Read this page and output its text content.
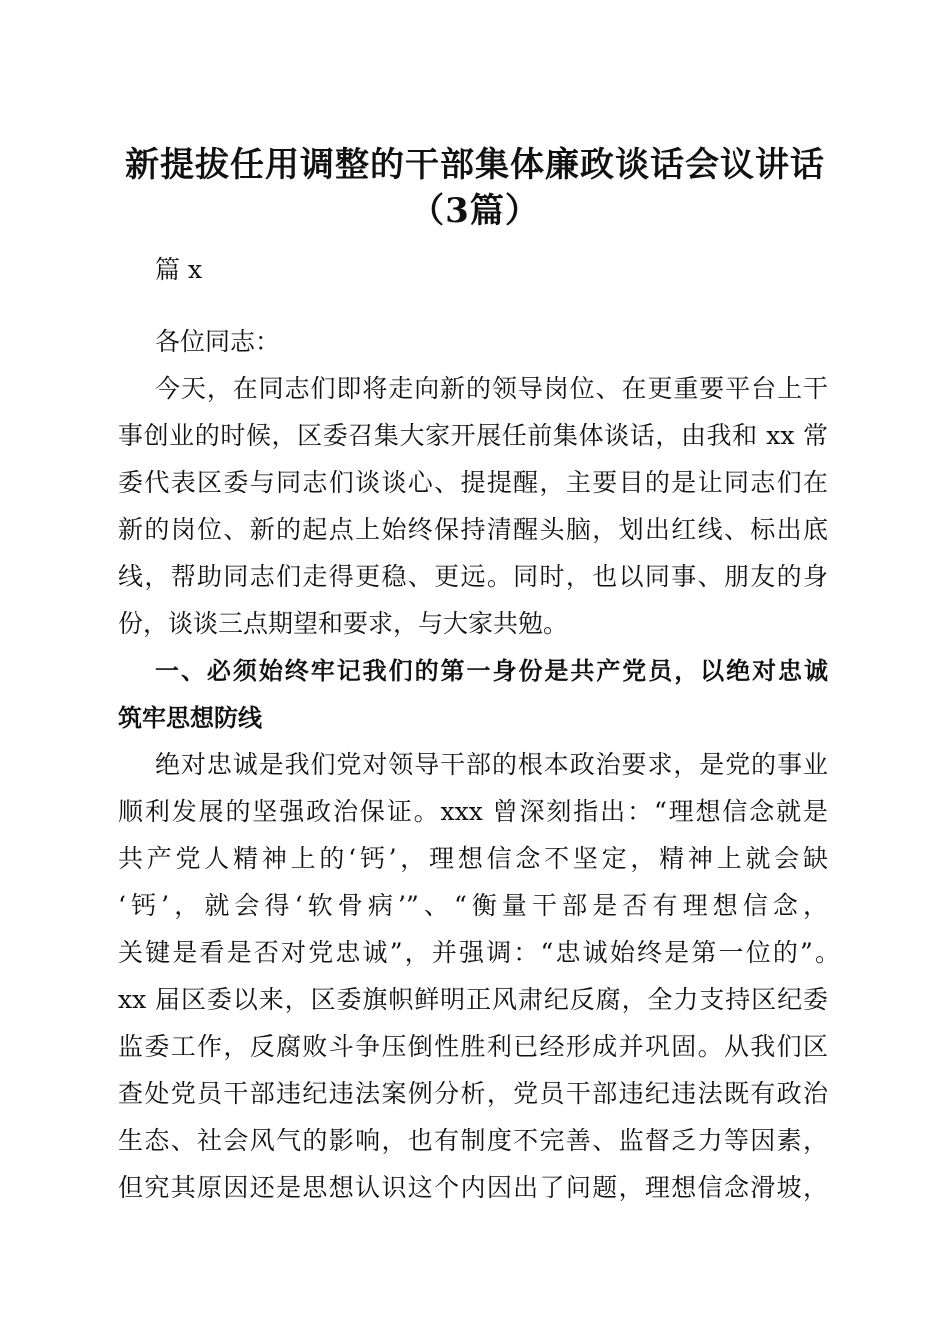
新提拔任用调整的干部集体廉政谈话会议讲话
（3篇）
篇 x
各位同志：
今天，在同志们即将走向新的领导岗位、在更重要平台上干
事创业的时候，区委召集大家开展任前集体谈话，由我和 xx 常
委代表区委与同志们谈谈心、提提醒，主要目的是让同志们在
新的岗位、新的起点上始终保持清醒头脑，划出红线、标出底
线，帮助同志们走得更稳、更远。同时，也以同事、朋友的身
份，谈谈三点期望和要求，与大家共勉。
一、必须始终牢记我们的第一身份是共产党员，以绝对忠诚
筑牢思想防线
绝对忠诚是我们党对领导干部的根本政治要求，是党的事业
顺利发展的坚强政治保证。xxx 曾深刻指出：“理想信念就是
共产党人精神上的‘钙’，理想信念不坚定，精神上就会缺
‘钙’，就会得‘软骨病’”、“衡量干部是否有理想信念，
关键是看是否对党忠诚”，并强调：“忠诚始终是第一位的”。
xx 届区委以来，区委旗帜鲜明正风肃纪反腐，全力支持区纪委
监委工作，反腐败斗争压倒性胜利已经形成并巩固。从我们区
查处党员干部违纪违法案例分析，党员干部违纪违法既有政治
生态、社会风气的影响，也有制度不完善、监督乏力等因素，
但究其原因还是思想认识这个内因出了问题，理想信念滑坡，
